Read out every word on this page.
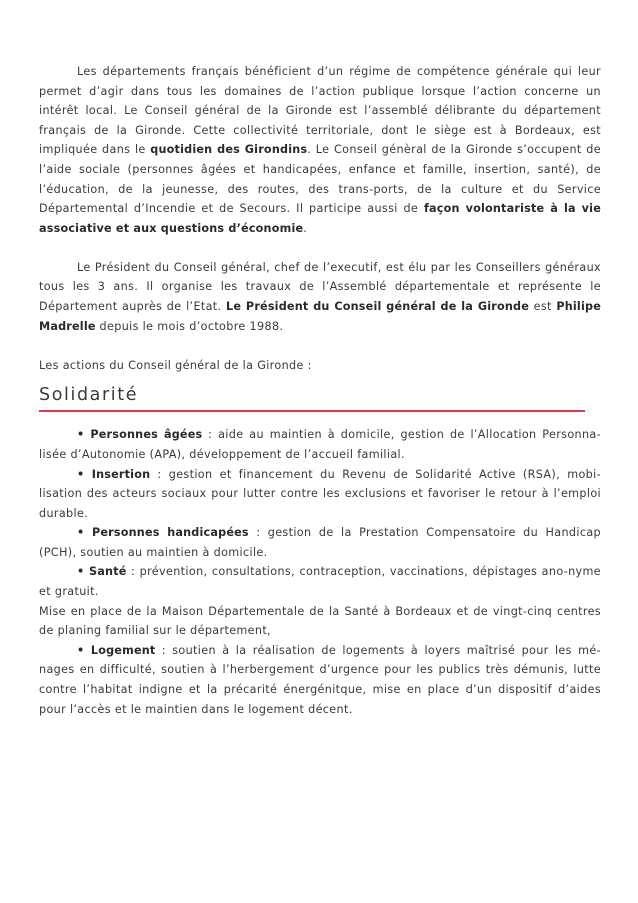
Les départements français bénéficient d’un régime de compétence générale qui leur permet d’agir dans tous les domaines de l’action publique lorsque l’action concerne un intérêt local. Le Conseil général de la Gironde est l’assemblé délibrante du département français de la Gironde. Cette collectivité territoriale, dont le siège est à Bordeaux, est impliquée dans le quotidien des Girondins. Le Conseil génèral de la Gironde s’occupent de l’aide sociale (personnes âgées et handicapées, enfance et famille, insertion, santé), de l’éducation, de la jeunesse, des routes, des trans-ports, de la culture et du Service Départemental d’Incendie et de Secours. Il participe aussi de façon volontariste à la vie associative et aux questions d’économie.

Le Président du Conseil général, chef de l’executif, est élu par les Conseillers généraux tous les 3 ans. Il organise les travaux de l’Assemblé départementale et représente le Département auprès de l’Etat. Le Président du Conseil général de la Gironde est Philipe Madrelle depuis le mois d’octobre 1988.

Les actions du Conseil général de la Gironde :

Solidarité

• Personnes âgées : aide au maintien à domicile, gestion de l’Allocation Personna-lisée d’Autonomie (APA), développement de l’accueil familial.

• Insertion : gestion et financement du Revenu de Solidarité Active (RSA), mobi-lisation des acteurs sociaux pour lutter contre les exclusions et favoriser le retour à l’emploi durable.

• Personnes handicapées : gestion de la Prestation Compensatoire du Handicap (PCH), soutien au maintien à domicile.

• Santé : prévention, consultations, contraception, vaccinations, dépistages ano-nyme et gratuit.

Mise en place de la Maison Départementale de la Santé à Bordeaux et de vingt-cinq centres de planing familial sur le département,

• Logement : soutien à la réalisation de logements à loyers maîtrisé pour les mé-nages en difficulté, soutien à l’herbergement d’urgence pour les publics très démunis, lutte contre l’habitat indigne et la précarité énergénitque, mise en place d’un dispositif d’aides pour l’accès et le maintien dans le logement décent.
